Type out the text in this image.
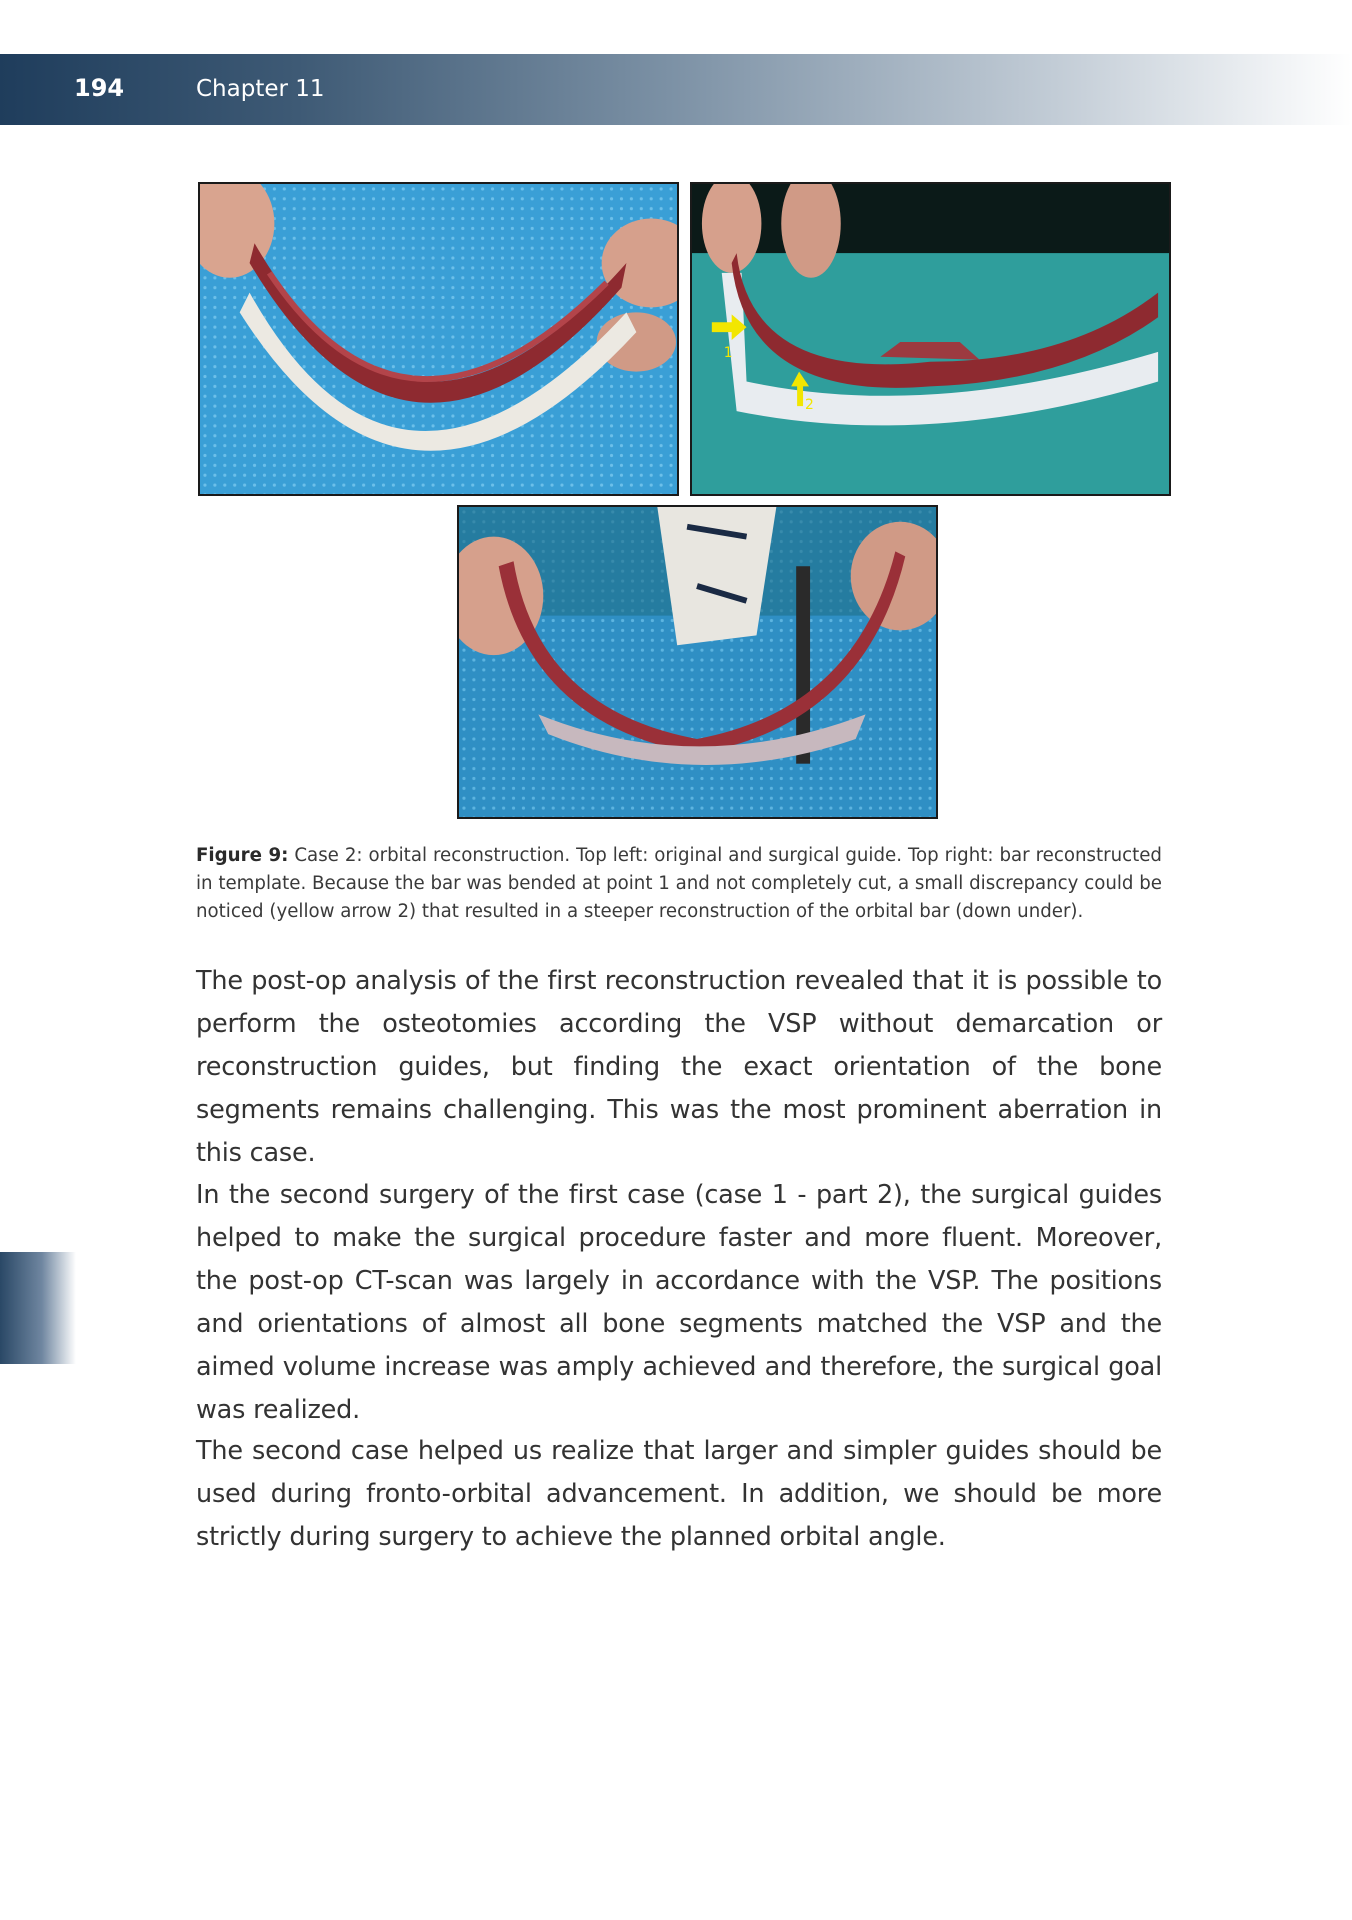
194	Chapter 11
1
2
Figure 9: Case 2: orbital reconstruction. Top left: original and surgical guide. Top right: bar reconstructed in template. Because the bar was bended at point 1 and not completely cut, a small discrepancy could be noticed (yellow arrow 2) that resulted in a steeper reconstruction of the orbital bar (down under).

The post-op analysis of the first reconstruction revealed that it is possible to perform the osteotomies according the VSP without demarcation or reconstruction guides, but finding the exact orientation of the bone segments remains challenging. This was the most prominent aberration in this case.

In the second surgery of the first case (case 1 - part 2), the surgical guides helped to make the surgical procedure faster and more fluent. Moreover, the post-op CT-scan was largely in accordance with the VSP. The positions and orientations of almost all bone segments matched the VSP and the aimed volume increase was amply achieved and therefore, the surgical goal was realized.

The second case helped us realize that larger and simpler guides should be used during fronto-orbital advancement. In addition, we should be more strictly during surgery to achieve the planned orbital angle.
